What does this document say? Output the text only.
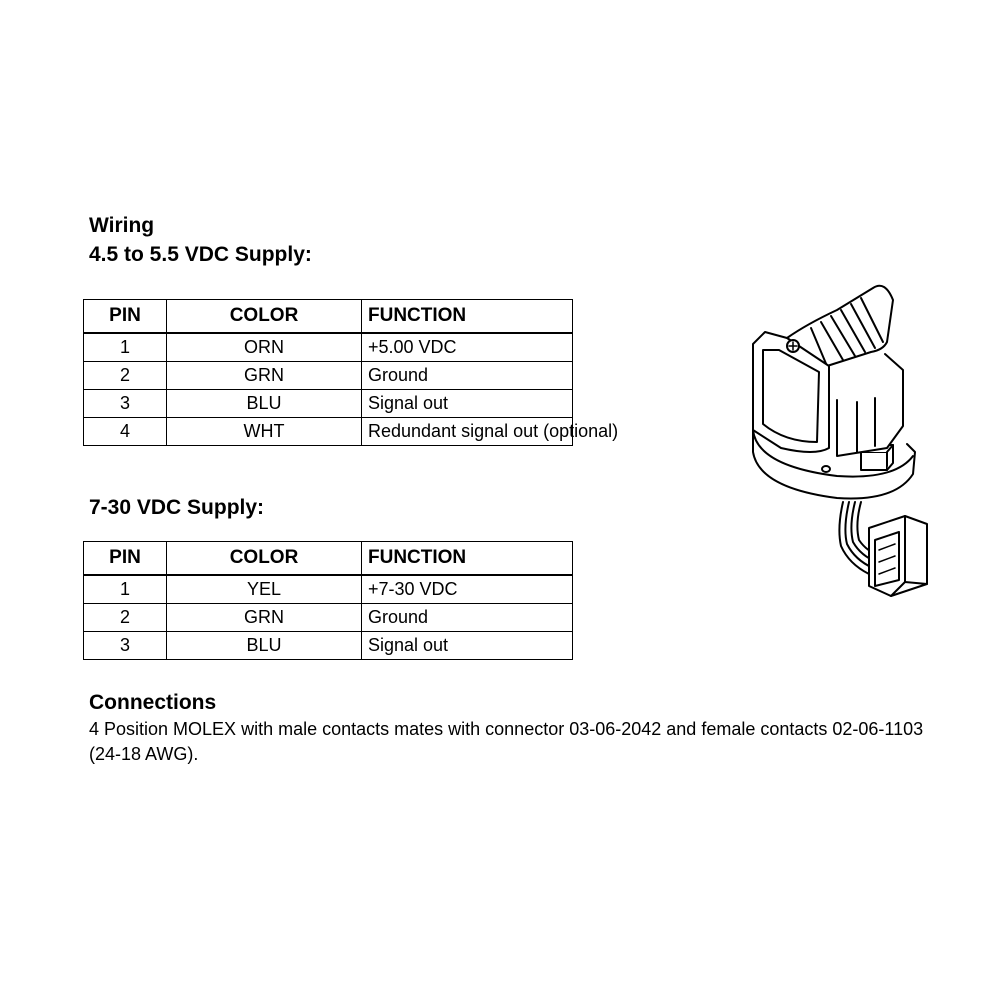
Wiring
4.5 to 5.5 VDC Supply:
PIN	COLOR	FUNCTION
1	ORN	+5.00 VDC
2	GRN	Ground
3	BLU	Signal out
4	WHT	Redundant signal out (optional)
7-30 VDC Supply:
PIN	COLOR	FUNCTION
1	YEL	+7-30 VDC
2	GRN	Ground
3	BLU	Signal out
Connections

4 Position MOLEX with male contacts mates with connector 03-06-2042 and female contacts 02-06-1103 (24-18 AWG).
